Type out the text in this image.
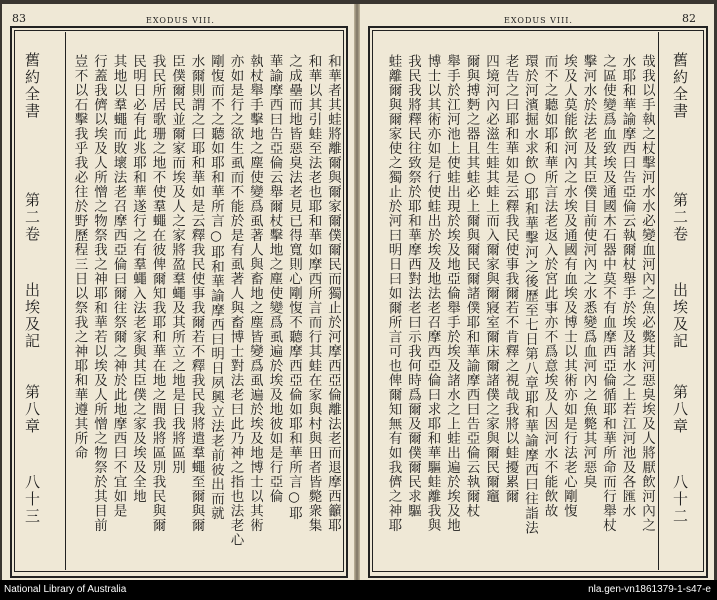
83	EXODUS VIII.
和華者其蛙將離爾與爾家爾僕爾民而獨止於河摩西亞倫離法老而退摩西籲耶
和華以其引蛙至法老也耶和華如摩西所言而行其蛙在家與村與田者皆斃衆集
之成壘而地皆惡臭法老見已得寬則心剛愎不聽摩西亞倫如耶和華所言○耶
華諭摩西曰告亞倫云舉爾杖擊地之塵使變爲虱遍於埃及地彼如是行亞倫
執杖舉手擊地之塵使變爲虱著人與畜地之塵皆變爲虱遍於埃及地博士以其術
亦如是行之欲生虱而不能於是有虱著人與畜博士對法老曰此乃神之指也法老心
剛愎而不之聽如耶和華所言○耶和華諭摩西曰明日夙興立法老前彼出而就
水爾則謂之曰耶和華如是云釋我民使事我爾若不釋我民我將遣羣蠅至爾與爾
臣僕爾民並爾家而埃及人之家將盈羣蠅及其所立之地是日我將區別
我民所居歌珊之地不使羣蠅在彼俾爾知我耶和華在地之間我將區別我民與爾
民明日必有此兆耶和華遂行之有羣蠅入法老家與其臣僕之家及埃及全地
其地以羣蠅而敗壞法老召摩西亞倫曰爾往祭爾之神於此地摩西曰不宜如是
行蓋我儕以埃及人所憎之物祭我之神耶和華若以埃及人所憎之物祭於其目前
豈不以石擊我乎我必往於野歷程三日以祭我之神耶和華遵其所命
舊約全書
第二卷
出埃及記
第八章
八十三
EXODUS VIII.	82
哉我以手執之杖擊河水水必變血河內之魚必斃其河惡臭埃及人將厭飲河內之
水耶和華諭摩西曰告亞倫云執爾杖舉手於埃及諸水之上若江河池及各匯水
之區使變爲血致埃及通國木石器中莫不有血摩西亞倫循耶和華所命而行舉杖
擊河水於法老及其臣僕目前使河內之水悉變爲血河內之魚斃其河惡臭
埃及人莫能飲河內之水埃及通國有血埃及博士以其術亦如是行法老心剛愎
而不之聽如耶和華所言法老返入於宮此事亦不爲意埃及人因河水不能飲故
環於河濱掘水求飲○耶和華擊河之後歷至七日第八章耶和華諭摩西曰往詣法
老告之曰耶和華如是云釋我民使事我爾若不肯釋之視哉我將以蛙擾累爾
四境河內必滋生蛙其蛙上而入爾家與爾寢室爾床爾諸僕之家與爾民爾竈
爾與搏麪之器且其蛙必上爾與爾民爾諸僕耶和華諭摩西曰告亞倫云執爾杖
舉手於江河池上使蛙出現於埃及地亞倫舉手於埃及諸水之上蛙出遍於埃及地
博士以其術亦如是行使蛙出於埃及地法老召摩西亞倫曰求耶和華驅蛙離我與
我民我將釋民往致祭於耶和華摩西對法老曰示我何時爲爾及爾僕爾民求驅
蛙離爾與爾家使之獨止於河曰明日曰如爾所言可也俾爾知無有如我儕之神耶	舊約全書
第二卷
出埃及記
第八章
八十二
National Library of Australia	nla.gen-vn1861379-1-s47-e
